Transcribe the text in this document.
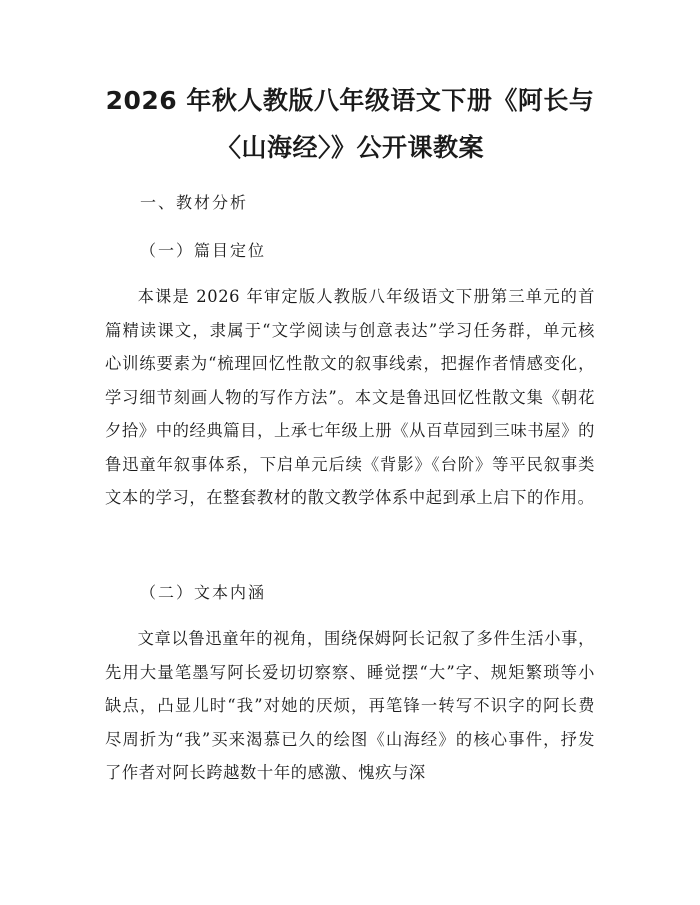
2026 年秋人教版八年级语文下册《阿长与
〈山海经〉》公开课教案
一、教材分析
（一）篇目定位

本课是 2026 年审定版人教版八年级语文下册第三单元的首篇精读课文，隶属于“文学阅读与创意表达”学习任务群，单元核心训练要素为“梳理回忆性散文的叙事线索，把握作者情感变化，学习细节刻画人物的写作方法”。本文是鲁迅回忆性散文集《朝花夕拾》中的经典篇目，上承七年级上册《从百草园到三味书屋》的鲁迅童年叙事体系，下启单元后续《背影》《台阶》等平民叙事类文本的学习，在整套教材的散文教学体系中起到承上启下的作用。

（二）文本内涵

文章以鲁迅童年的视角，围绕保姆阿长记叙了多件生活小事，先用大量笔墨写阿长爱切切察察、睡觉摆“大”字、规矩繁琐等小缺点，凸显儿时“我”对她的厌烦，再笔锋一转写不识字的阿长费尽周折为“我”买来渴慕已久的绘图《山海经》的核心事件，抒发了作者对阿长跨越数十年的感激、愧疚与深
